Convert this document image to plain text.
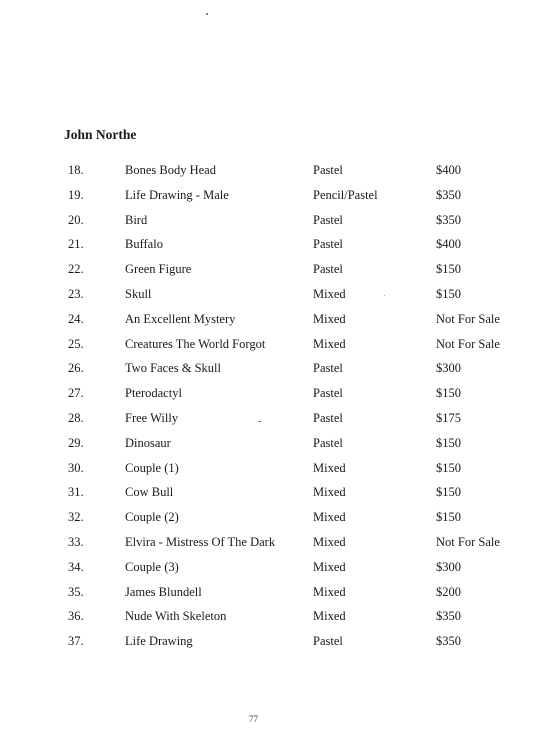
John Northe
18.	Bones Body Head	Pastel	$400
19.	Life Drawing - Male	Pencil/Pastel	$350
20.	Bird	Pastel	$350
21.	Buffalo	Pastel	$400
22.	Green Figure	Pastel	$150
23.	Skull	Mixed	$150
24.	An Excellent Mystery	Mixed	Not For Sale
25.	Creatures The World Forgot	Mixed	Not For Sale
26.	Two Faces & Skull	Pastel	$300
27.	Pterodactyl	Pastel	$150
28.	Free Willy	Pastel	$175
29.	Dinosaur	Pastel	$150
30.	Couple (1)	Mixed	$150
31.	Cow Bull	Mixed	$150
32.	Couple (2)	Mixed	$150
33.	Elvira - Mistress Of The Dark	Mixed	Not For Sale
34.	Couple (3)	Mixed	$300
35.	James Blundell	Mixed	$200
36.	Nude With Skeleton	Mixed	$350
37.	Life Drawing	Pastel	$350
77
